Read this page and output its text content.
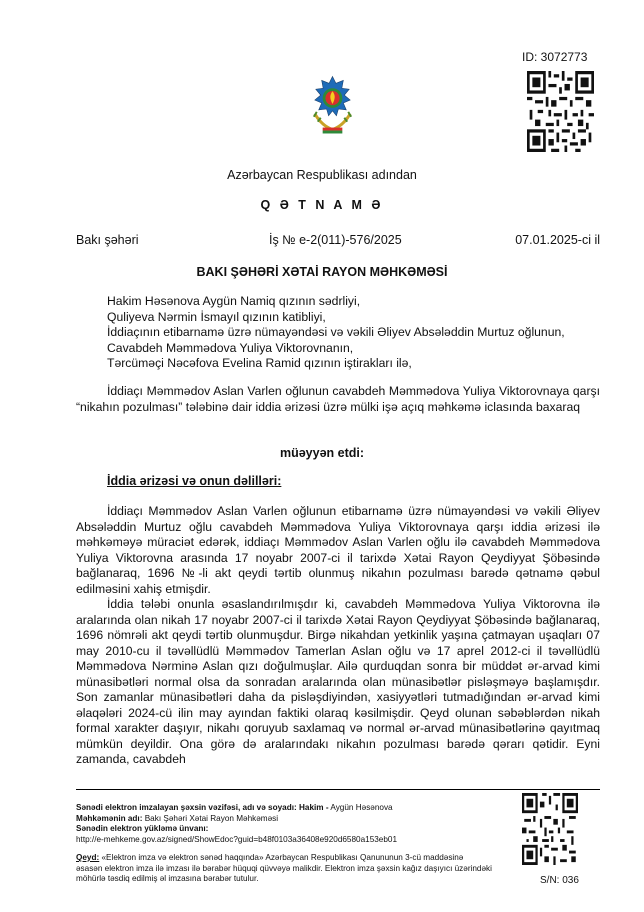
ID: 3072773
Azərbaycan Respublikası adından
Q Ə T N A M Ə
Bakı şəhəri	İş № e-2(011)-576/2025	07.01.2025-ci il
BAKI ŞƏHƏRİ XƏTAİ RAYON MƏHKƏMƏSİ
Hakim Həsənova Aygün Namiq qızının sədrliyi,
Quliyeva Nərmin İsmayıl qızının katibliyi,
İddiaçının etibarnamə üzrə nümayəndəsi və vəkili Əliyev Absələddin Murtuz oğlunun,
Cavabdeh Məmmədova Yuliya Viktorovnanın,
Tərcüməçi Nəcəfova Evelina Ramid qızının iştirakları ilə,
İddiaçı Məmmədov Aslan Varlen oğlunun cavabdeh Məmmədova Yuliya Viktorovnaya qarşı “nikahın pozulması” tələbinə dair iddia ərizəsi üzrə mülki işə açıq məhkəmə iclasında baxaraq
müəyyən etdi:
İddia ərizəsi və onun dəlilləri:
İddiaçı Məmmədov Aslan Varlen oğlunun etibarnamə üzrə nümayəndəsi və vəkili Əliyev Absələddin Murtuz oğlu cavabdeh Məmmədova Yuliya Viktorovnaya qarşı iddia ərizəsi ilə məhkəməyə müraciət edərək, iddiaçı Məmmədov Aslan Varlen oğlu ilə cavabdeh Məmmədova Yuliya Viktorovna arasında 17 noyabr 2007-ci il tarixdə Xətai Rayon Qeydiyyat Şöbəsində bağlanaraq, 1696 №-li akt qeydi tərtib olunmuş nikahın pozulması barədə qətnamə qəbul edilməsini xahiş etmişdir.
İddia tələbi onunla əsaslandırılmışdır ki, cavabdeh Məmmədova Yuliya Viktorovna ilə aralarında olan nikah 17 noyabr 2007-ci il tarixdə Xətai Rayon Qeydiyyat Şöbəsində bağlanaraq, 1696 nömrəli akt qeydi tərtib olunmuşdur. Birgə nikahdan yetkinlik yaşına çatmayan uşaqları 07 may 2010-cu il təvəllüdlü Məmmədov Tamerlan Aslan oğlu və 17 aprel 2012-ci il təvəllüdlü Məmmədova Nərminə Aslan qızı doğulmuşlar. Ailə qurduqdan sonra bir müddət ər-arvad kimi münasibətləri normal olsa da sonradan aralarında olan münasibətlər pisləşməyə başlamışdır. Son zamanlar münasibətləri daha da pisləşdiyindən, xasiyyətləri tutmadığından ər-arvad kimi əlaqələri 2024-cü ilin may ayından faktiki olaraq kəsilmişdir. Qeyd olunan səbəblərdən nikah formal xarakter daşıyır, nikahı qoruyub saxlamaq və normal ər-arvad münasibətlərinə qayıtmaq mümkün deyildir. Ona görə də aralarındakı nikahın pozulması barədə qərarı qətidir. Eyni zamanda, cavabdeh
Sənədi elektron imzalayan şəxsin vəzifəsi, adı və soyadı: Hakim - Aygün Həsənova
Məhkəmənin adı: Bakı Şəhəri Xətai Rayon Məhkəməsi
Sənədin elektron yükləmə ünvanı:
http://e-mehkeme.gov.az/signed/ShowEdoc?guid=b48f0103a36408e920d6580a153eb01
Qeyd: «Elektron imza və elektron sənəd haqqında» Azərbaycan Respublikası Qanununun 3-cü maddəsinə
əsasən elektron imza ilə imzası ilə bərabər hüquqi qüvvəyə malikdir. Elektron imza şəxsin kağız daşıyıcı üzərindəki
möhürlə təsdiq edilmiş əl imzasına bərabər tutulur.	S/N: 036
